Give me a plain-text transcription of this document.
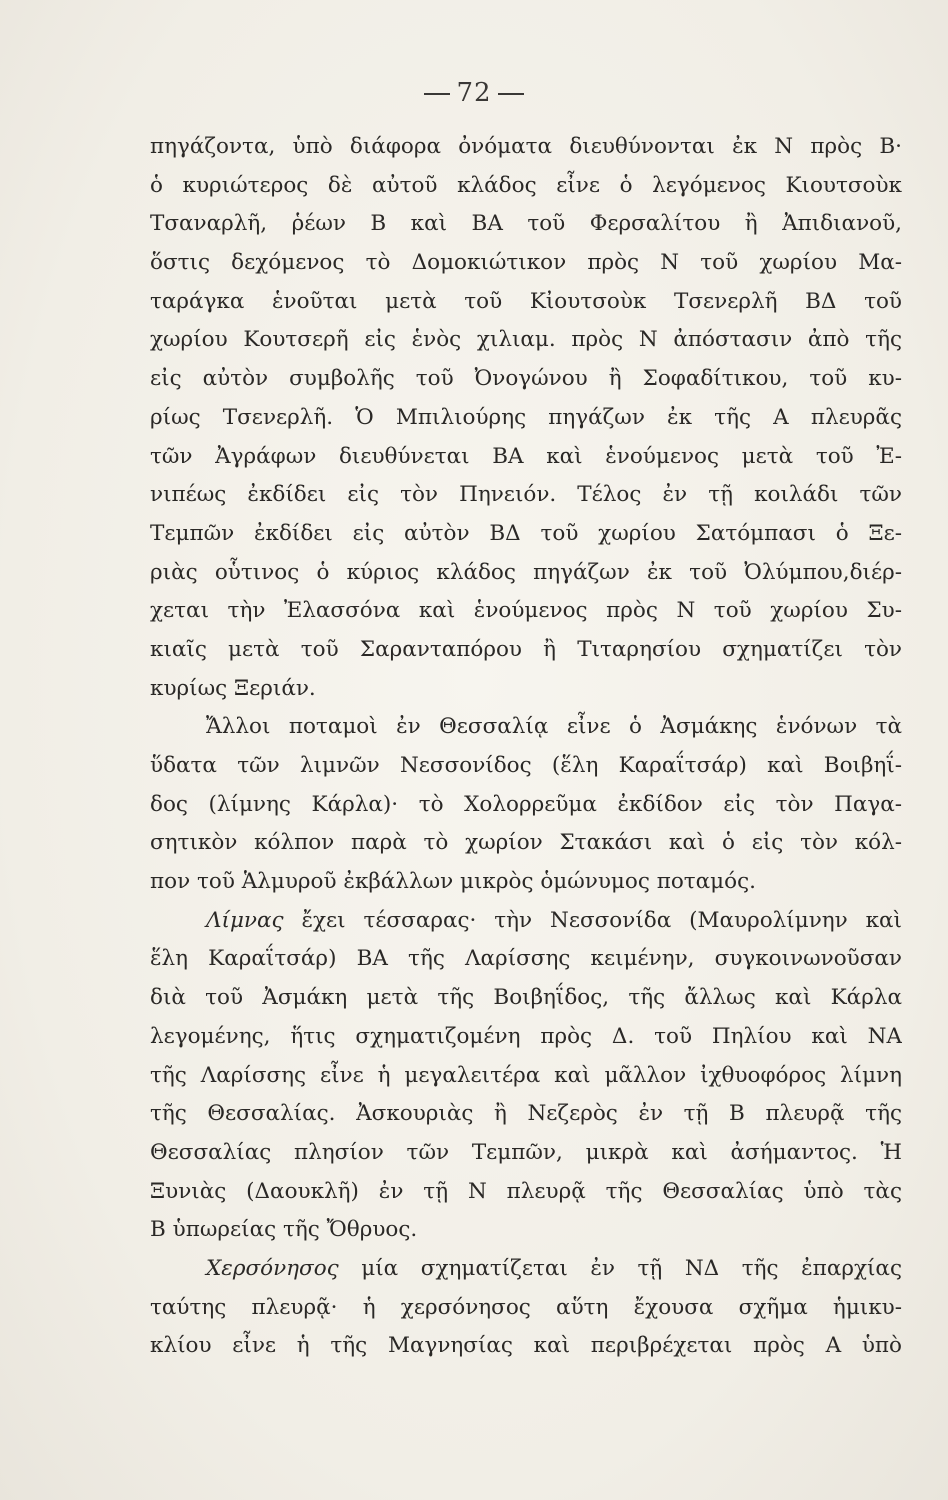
72
πηγάζοντα, ὑπὸ διάφορα ὀνόματα διευθύνονται ἐκ Ν πρὸς Β·
ὁ κυριώτερος δὲ αὐτοῦ κλάδος εἶνε ὁ λεγόμενος Κιουτσοὺκ
Τσαναρλῆ, ῥέων Β καὶ ΒΑ τοῦ Φερσαλίτου ἢ Ἀπιδιανοῦ,
ὅστις δεχόμενος τὸ Δομοκιώτικον πρὸς Ν τοῦ χωρίου Μα-
ταράγκα ἑνοῦται μετὰ τοῦ Κἰουτσοὺκ Τσενερλῆ ΒΔ τοῦ
χωρίου Κουτσερῆ εἰς ἑνὸς χιλιαμ. πρὸς Ν ἀπόστασιν ἀπὸ τῆς
εἰς αὐτὸν συμβολῆς τοῦ Ὀνογώνου ἢ Σοφαδίτικου, τοῦ κυ-
ρίως Τσενερλῆ. Ὁ Μπιλιούρης πηγάζων ἐκ τῆς Α πλευρᾶς
τῶν Ἀγράφων διευθύνεται ΒΑ καὶ ἑνούμενος μετὰ τοῦ Ἐ-
νιπέως ἐκδίδει εἰς τὸν Πηνειόν. Τέλος ἐν τῇ κοιλάδι τῶν
Τεμπῶν ἐκδίδει εἰς αὐτὸν ΒΔ τοῦ χωρίου Σατόμπασι ὁ Ξε-
ριὰς οὗτινος ὁ κύριος κλάδος πηγάζων ἐκ τοῦ Ὀλύμπου,διέρ-
χεται τὴν Ἐλασσόνα καὶ ἑνούμενος πρὸς Ν τοῦ χωρίου Συ-
κιαῖς μετὰ τοῦ Σαρανταπόρου ἢ Τιταρησίου σχηματίζει τὸν
κυρίως Ξεριάν.
Ἄλλοι ποταμοὶ ἐν Θεσσαλίᾳ εἶνε ὁ Ἀσμάκης ἑνόνων τὰ
ὕδατα τῶν λιμνῶν Νεσσονίδος (ἕλη Καραΐτσάρ) καὶ Βοιβηΐ-
δος (λίμνης Κάρλα)· τὸ Χολορρεῦμα ἐκδίδον εἰς τὸν Παγα-
σητικὸν κόλπον παρὰ τὸ χωρίον Στακάσι καὶ ὁ εἰς τὸν κόλ-
πον τοῦ Ἁλμυροῦ ἐκβάλλων μικρὸς ὁμώνυμος ποταμός.
Λίμνας ἔχει τέσσαρας· τὴν Νεσσονίδα (Μαυρολίμνην καὶ
ἕλη Καραΐτσάρ) ΒΑ τῆς Λαρίσσης κειμένην, συγκοινωνοῦσαν
διὰ τοῦ Ἀσμάκη μετὰ τῆς Βοιβηΐδος, τῆς ἄλλως καὶ Κάρλα
λεγομένης, ἥτις σχηματιζομένη πρὸς Δ. τοῦ Πηλίου καὶ ΝΑ
τῆς Λαρίσσης εἶνε ἡ μεγαλειτέρα καὶ μᾶλλον ἰχθυοφόρος λίμνη
τῆς Θεσσαλίας. Ἀσκουριὰς ἢ Νεζερὸς ἐν τῇ Β πλευρᾷ τῆς
Θεσσαλίας πλησίον τῶν Τεμπῶν, μικρὰ καὶ ἀσήμαντος. Ἡ
Ξυνιὰς (Δαουκλῆ) ἐν τῇ Ν πλευρᾷ τῆς Θεσσαλίας ὑπὸ τὰς
Β ὑπωρείας τῆς Ὄθρυος.
Χερσόνησος μία σχηματίζεται ἐν τῇ ΝΔ τῆς ἐπαρχίας
ταύτης πλευρᾷ· ἡ χερσόνησος αὕτη ἔχουσα σχῆμα ἡμικυ-
κλίου εἶνε ἡ τῆς Μαγνησίας καὶ περιβρέχεται πρὸς Α ὑπὸ
